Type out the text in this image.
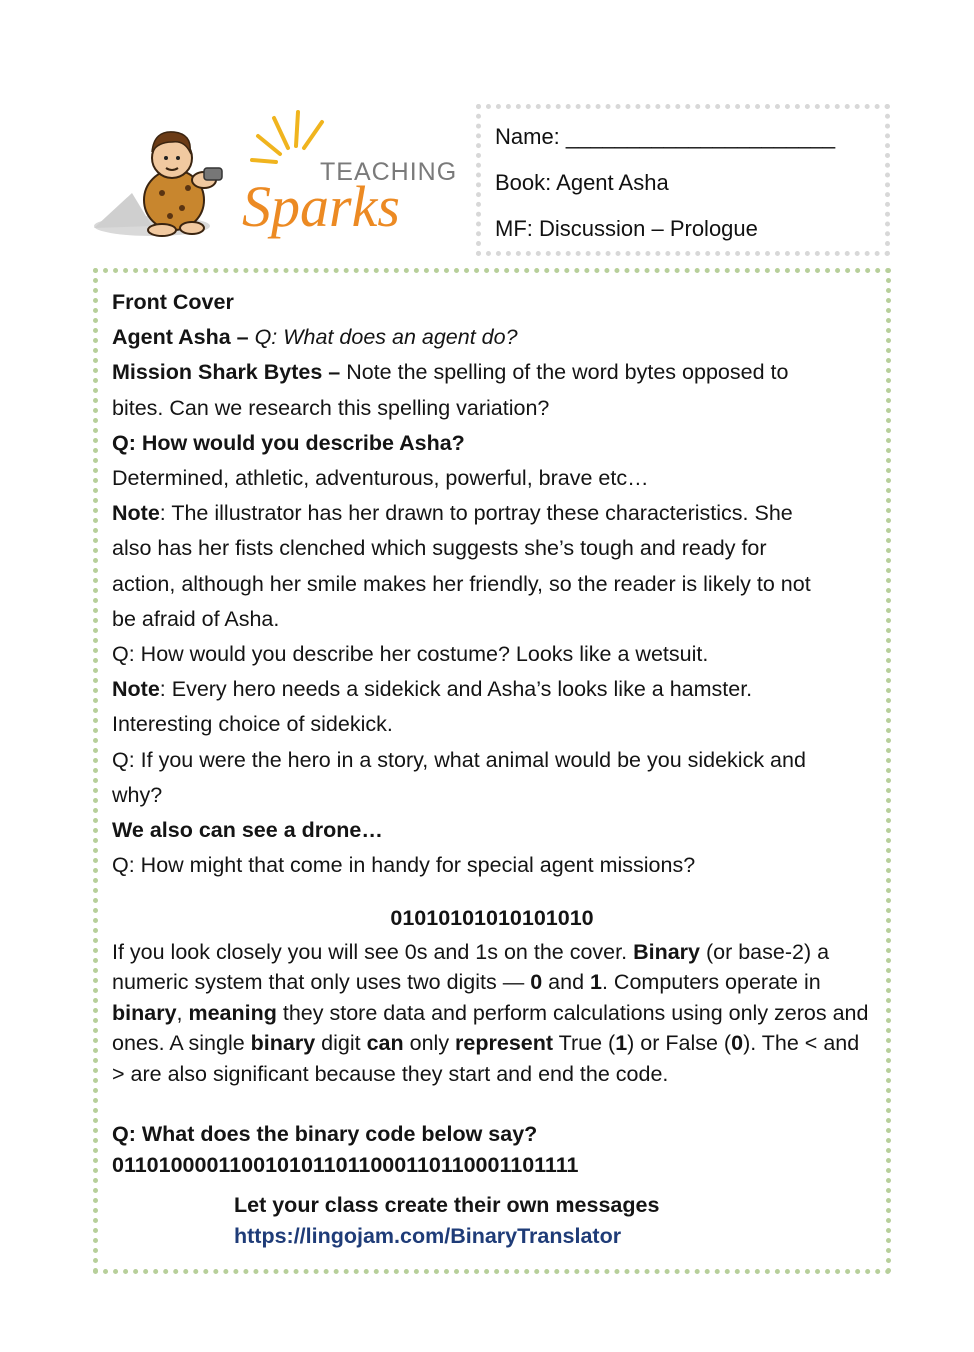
TEACHING
Sparks
Name: ______________________
Book: Agent Asha
MF: Discussion – Prologue
Front Cover
Agent Asha – Q: What does an agent do?
Mission Shark Bytes – Note the spelling of the word bytes opposed to
bites. Can we research this spelling variation?
Q: How would you describe Asha?
Determined, athletic, adventurous, powerful, brave etc…
Note: The illustrator has her drawn to portray these characteristics. She
also has her fists clenched which suggests she’s tough and ready for
action, although her smile makes her friendly, so the reader is likely to not
be afraid of Asha.
Q: How would you describe her costume? Looks like a wetsuit.
Note: Every hero needs a sidekick and Asha’s looks like a hamster.
Interesting choice of sidekick.
Q: If you were the hero in a story, what animal would be you sidekick and
why?
We also can see a drone…
Q: How might that come in handy for special agent missions?
01010101010101010
If you look closely you will see 0s and 1s on the cover. Binary (or base-2) a numeric system that only uses two digits — 0 and 1. Computers operate in binary, meaning they store data and perform calculations using only zeros and ones. A single binary digit can only represent True (1) or False (0). The < and > are also significant because they start and end the code.
Q: What does the binary code below say?
0110100001100101011011000110110001101111
Let your class create their own messages
https://lingojam.com/BinaryTranslator
